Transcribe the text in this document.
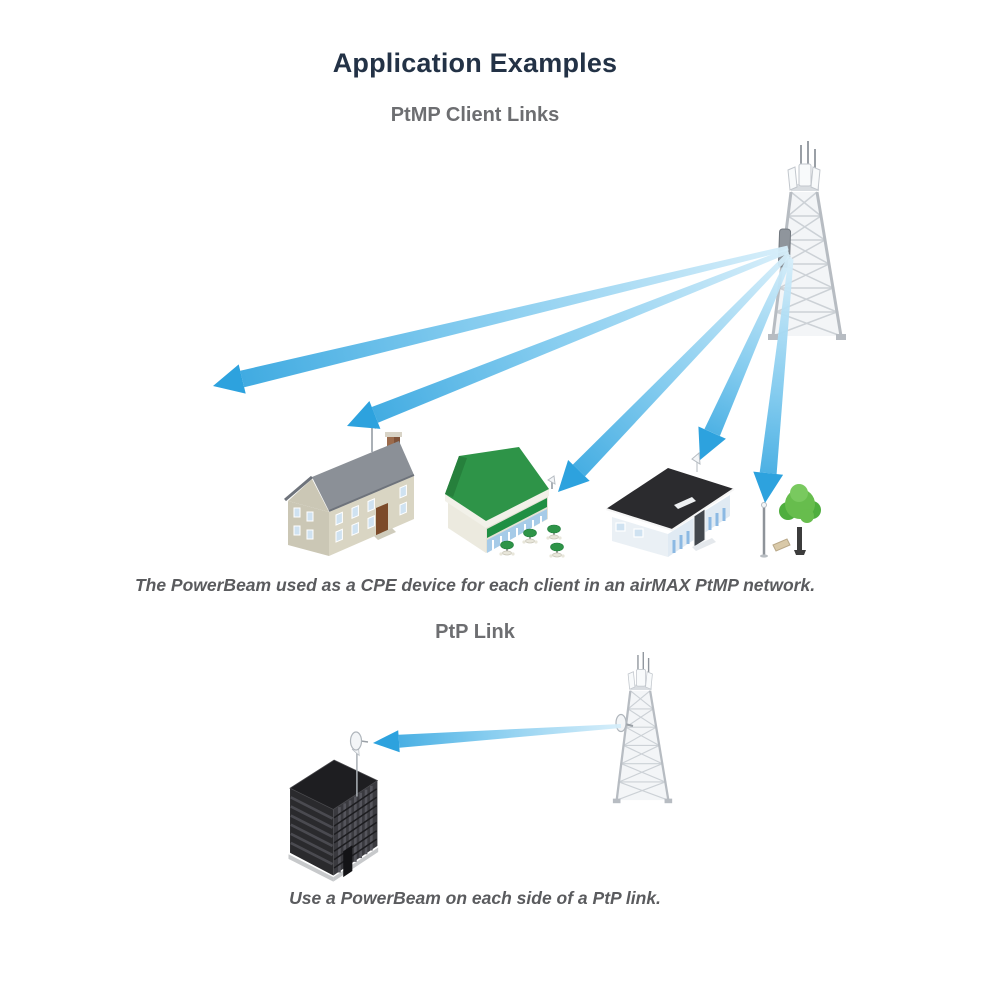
Application Examples
PtMP Client Links
The PowerBeam used as a CPE device for each client in an airMAX PtMP network.
PtP Link
Use a PowerBeam on each side of a PtP link.
